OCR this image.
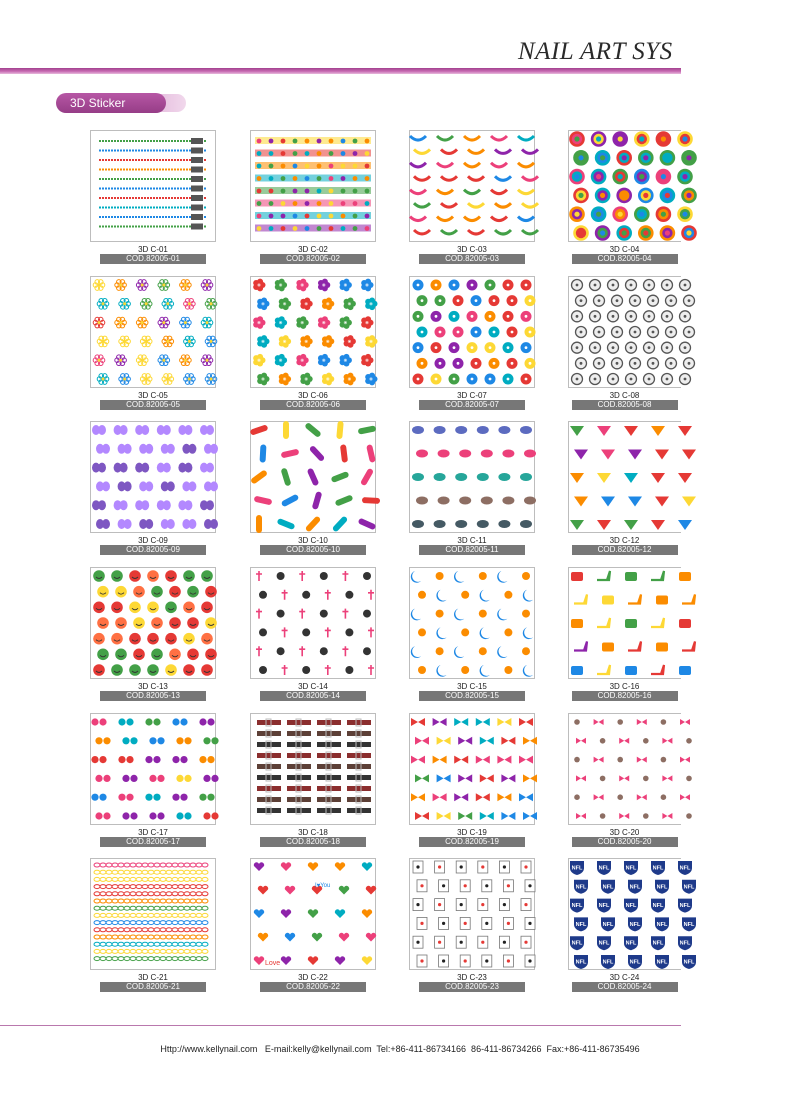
NAIL ART SYS
3D Sticker
3D C-01
COD.82005-01
3D C-02
COD.82005-02
3D C-03
COD.82005-03
3D C-04
COD.82005-04
3D C-05
COD.82005-05
3D C-06
COD.82005-06
3D C-07
COD.82005-07
3D C-08
COD.82005-08
3D C-09
COD.82005-09
3D C-10
COD.82005-10
3D C-11
COD.82005-11
3D C-12
COD.82005-12
3D C-13
COD.82005-13
3D C-14
COD.82005-14
3D C-15
COD.82005-15
3D C-16
COD.82005-16
3D C-17
COD.82005-17
3D C-18
COD.82005-18
3D C-19
COD.82005-19
3D C-20
COD.82005-20
3D C-21
COD.82005-21
Love
I♥You
3D C-22
COD.82005-22
3D C-23
COD.82005-23
NFL	NFL	NFL	NFL	NFL
NFL	NFL	NFL	NFL	NFL
NFL	NFL	NFL	NFL	NFL
NFL	NFL	NFL	NFL	NFL
NFL	NFL	NFL	NFL	NFL
NFL	NFL	NFL	NFL	NFL
3D C-24
COD.82005-24
Http://www.kellynail.com   E-mail:kelly@kellynail.com  Tel:+86-411-86734166  86-411-86734266  Fax:+86-411-86735496
